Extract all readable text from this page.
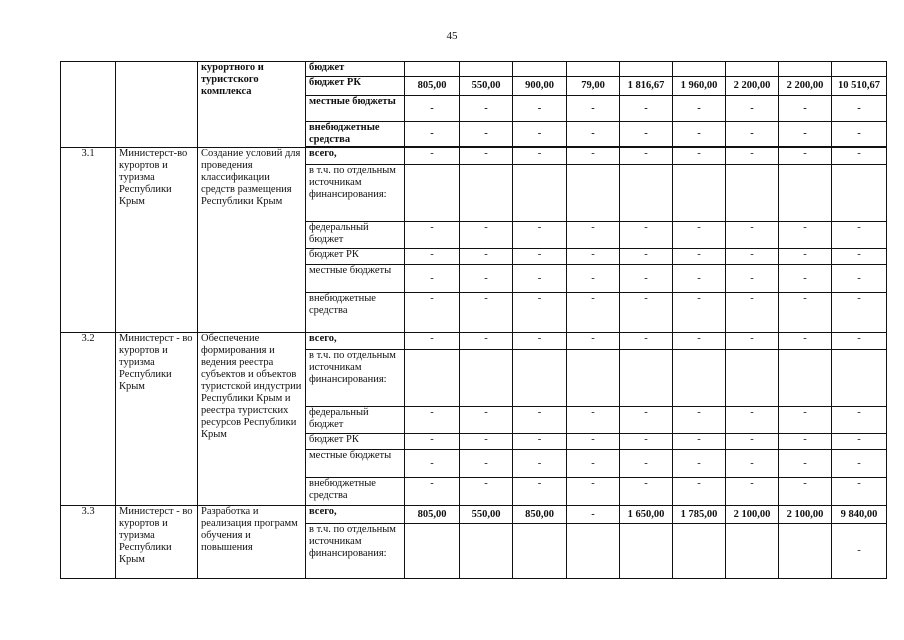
45
		курортного и туристского комплекса	бюджет									
			бюджет РК	805,00	550,00	900,00	79,00	1 816,67	1 960,00	2 200,00	2 200,00	10 510,67
			местные бюджеты	-	-	-	-	-	-	-	-	-
			внебюджетные средства	-	-	-	-	-	-	-	-	-

3.1	Министерст-во курортов и туризма Республики Крым	Создание условий для проведения классификации средств размещения Республики Крым	всего,	-	-	-	-	-	-	-	-	-
			в т.ч. по отдельным источникам финансирования:									
			федеральный бюджет	-	-	-	-	-	-	-	-	-
			бюджет РК	-	-	-	-	-	-	-	-	-
			местные бюджеты	-	-	-	-	-	-	-	-	-
			внебюджетные средства	-	-	-	-	-	-	-	-	-
3.2	Министерст - во курортов и туризма Республики Крым	Обеспечение формирования и ведения реестра субъектов и объектов туристской индустрии Республики Крым и реестра туристских ресурсов Республики Крым	всего,	-	-	-	-	-	-	-	-	-
			в т.ч. по отдельным источникам финансирования:									
			федеральный бюджет	-	-	-	-	-	-	-	-	-
			бюджет РК	-	-	-	-	-	-	-	-	-
			местные бюджеты	-	-	-	-	-	-	-	-	-
			внебюджетные средства	-	-	-	-	-	-	-	-	-
3.3	Министерст - во курортов и туризма Республики Крым	Разработка и реализация программ обучения и повышения	всего,	805,00	550,00	850,00	-	1 650,00	1 785,00	2 100,00	2 100,00	9 840,00
			в т.ч. по отдельным источникам финансирования:									-
